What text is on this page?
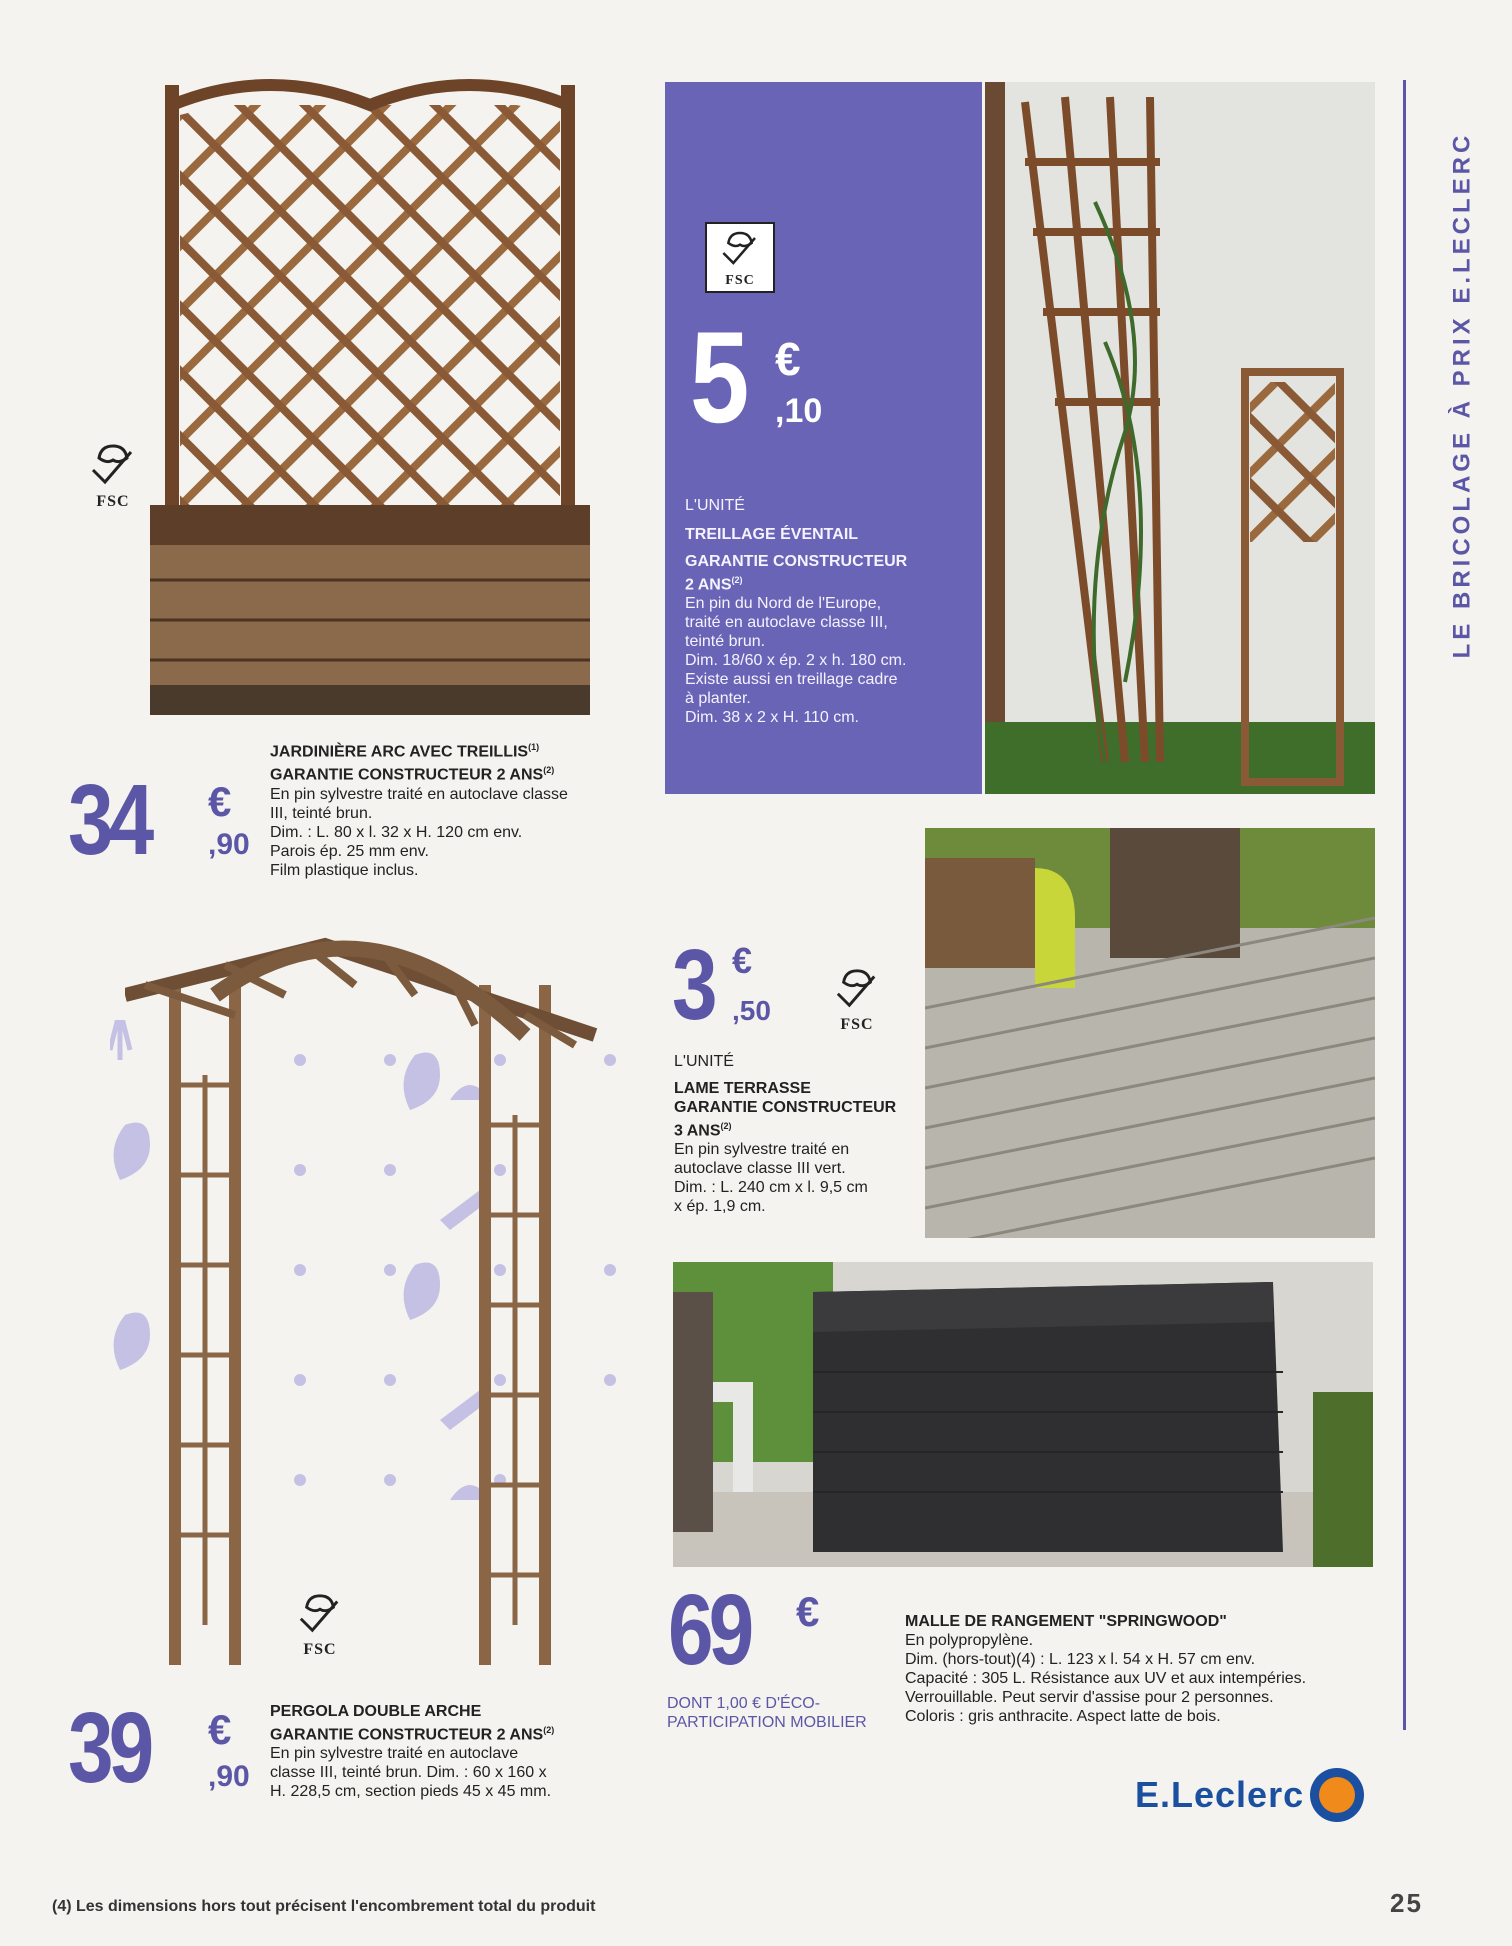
LE BRICOLAGE À PRIX E.LECLERC
FSC
34 €
,90
JARDINIÈRE ARC AVEC TREILLIS$^{(1)}$
GARANTIE CONSTRUCTEUR 2 ANS$^{(2)}$
En pin sylvestre traité en autoclave classe
III, teinté brun.
Dim. : L. 80 x l. 32 x H. 120 cm env.
Parois ép. 25 mm env.
Film plastique inclus.
FSC
5 €
,10
L'UNITÉ
TREILLAGE ÉVENTAIL
GARANTIE CONSTRUCTEUR
2 ANS$^{(2)}$
En pin du Nord de l'Europe,
traité en autoclave classe III,
teinté brun.
Dim. 18/60 x ép. 2 x h. 180 cm.
Existe aussi en treillage cadre
à planter.
Dim. 38 x 2 x H. 110 cm.
3 €
,50	FSC
L'UNITÉ
LAME TERRASSE
GARANTIE CONSTRUCTEUR
3 ANS$^{(2)}$
En pin sylvestre traité en
autoclave classe III vert.
Dim. : L. 240 cm x l. 9,5 cm
x ép. 1,9 cm.
FSC
39 €
,90
PERGOLA DOUBLE ARCHE
GARANTIE CONSTRUCTEUR 2 ANS$^{(2)}$
En pin sylvestre traité en autoclave
classe III, teinté brun. Dim. : 60 x 160 x
H. 228,5 cm, section pieds 45 x 45 mm.
69 €
DONT 1,00 € D'ÉCO-
PARTICIPATION MOBILIER
MALLE DE RANGEMENT "SPRINGWOOD"
En polypropylène.
Dim. (hors-tout)(4) : L. 123 x l. 54 x H. 57 cm env.
Capacité : 305 L. Résistance aux UV et aux intempéries.
Verrouillable. Peut servir d'assise pour 2 personnes.
Coloris : gris anthracite. Aspect latte de bois.
E.Leclerc
(4) Les dimensions hors tout précisent l'encombrement total du produit	25
